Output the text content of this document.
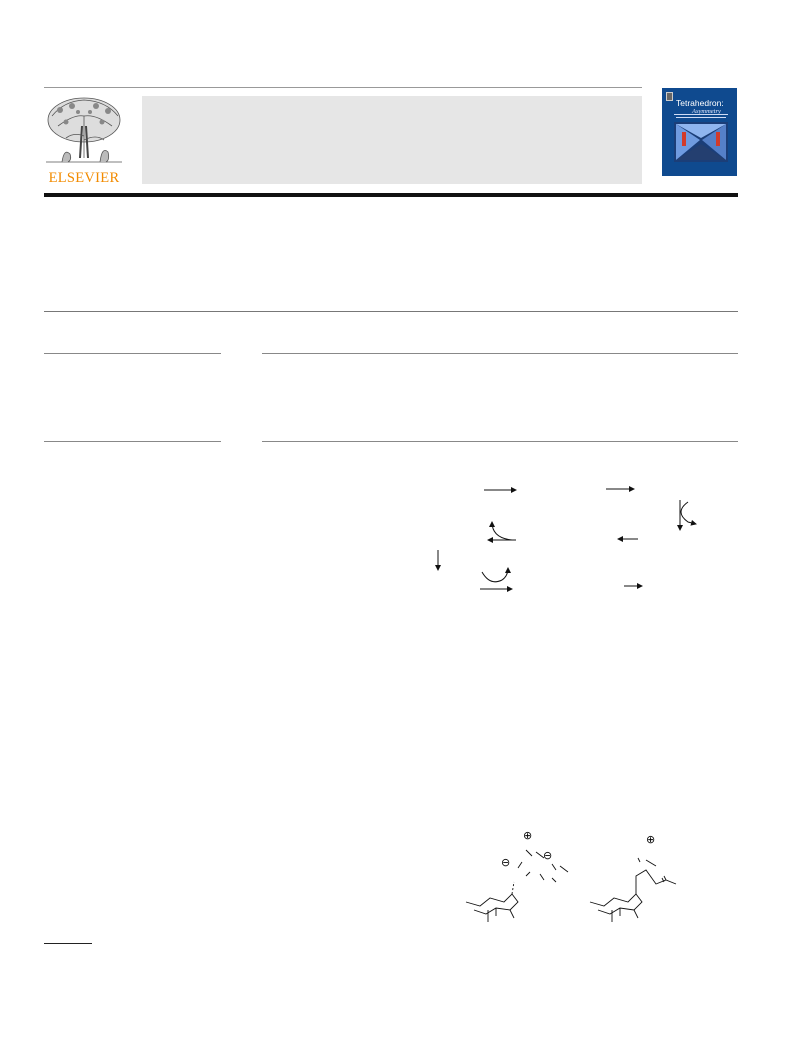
ELSEVIER
Tetrahedron:
Asymmetry
⊕
⊖
⊖
⊕
